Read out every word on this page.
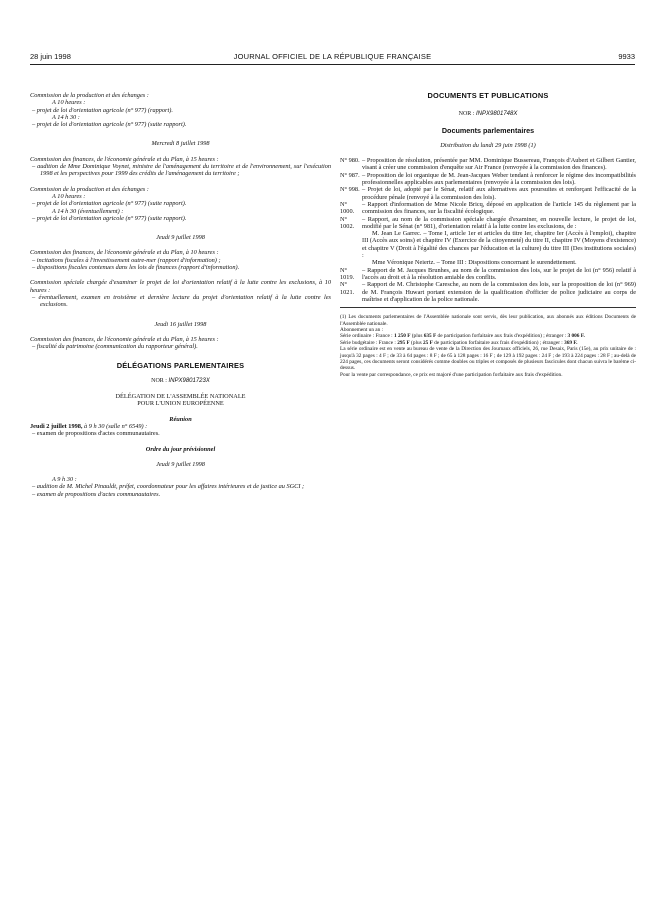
28 juin 1998	JOURNAL OFFICIEL DE LA RÉPUBLIQUE FRANÇAISE	9933

Commission de la production et des échanges :

A 10 heures :

– projet de loi d'orientation agricole (n° 977) (rapport).

A 14 h 30 :

– projet de loi d'orientation agricole (n° 977) (suite rapport).

Mercredi 8 juillet 1998

Commission des finances, de l'économie générale et du Plan, à 15 heures :

– audition de Mme Dominique Voynet, ministre de l'aménagement du territoire et de l'environnement, sur l'exécution 1998 et les perspectives pour 1999 des crédits de l'aménagement du territoire ;

Commission de la production et des échanges :

A 10 heures :

– projet de loi d'orientation agricole (n° 977) (suite rapport).

A 14 h 30 (éventuellement) :

– projet de loi d'orientation agricole (n° 977) (suite rapport).

Jeudi 9 juillet 1998

Commission des finances, de l'économie générale et du Plan, à 10 heures :

– incitations fiscales à l'investissement outre-mer (rapport d'information) ;

– dispositions fiscales contenues dans les lois de finances (rapport d'information).

Commission spéciale chargée d'examiner le projet de loi d'orientation relatif à la lutte contre les exclusions, à 10 heures :

– éventuellement, examen en troisième et dernière lecture du projet d'orientation relatif à la lutte contre les exclusions.

Jeudi 16 juillet 1998

Commission des finances, de l'économie générale et du Plan, à 15 heures :

– fiscalité du patrimoine (communication du rapporteur général).

DÉLÉGATIONS PARLEMENTAIRES

NOR : INPX9801723X

DÉLÉGATION DE L'ASSEMBLÉE NATIONALE

POUR L'UNION EUROPÉENNE

Réunion

Jeudi 2 juillet 1998, à 9 h 30 (salle n° 6549) :

– examen de propositions d'actes communautaires.

Ordre du jour prévisionnel

Jeudi 9 juillet 1998

A 9 h 30 :

– audition de M. Michel Pinauldt, préfet, coordonnateur pour les affaires intérieures et de justice au SGCI ;

– examen de propositions d'actes communautaires.

DOCUMENTS ET PUBLICATIONS

NOR : INPX9801748X

Documents parlementaires

Distribution du lundi 29 juin 1998 (1)

N° 980. – Proposition de résolution, présentée par MM. Dominique Bussereau, François d'Aubert et Gilbert Gantier, visant à créer une commission d'enquête sur Air France (renvoyée à la commission des finances).
N° 987. – Proposition de loi organique de M. Jean-Jacques Weber tendant à renforcer le régime des incompatibilités professionnelles applicables aux parlementaires (renvoyée à la commission des lois).
N° 998. – Projet de loi, adopté par le Sénat, relatif aux alternatives aux poursuites et renforçant l'efficacité de la procédure pénale (renvoyé à la commission des lois).
N° 1000.
– Rapport d'information de Mme Nicole Bricq, déposé en application de l'article 145 du règlement par la commission des finances, sur la fiscalité écologique.
N° 1002.
– Rapport, au nom de la commission spéciale chargée d'examiner, en nouvelle lecture, le projet de loi, modifié par le Sénat (n° 981), d'orientation relatif à la lutte contre les exclusions, de :

M. Jean Le Garrec. – Tome I, article 1er et articles du titre Ier, chapitre Ier (Accès à l'emploi), chapitre III (Accès aux soins) et chapitre IV (Exercice de la citoyenneté) du titre II, chapitre IV (Moyens d'existence) et chapitre V (Droit à l'égalité des chances par l'éducation et la culture) du titre III (Des institutions sociales) :

Mme Véronique Neiertz. – Tome III : Dispositions concernant le surendettement.

N° 1019.
– Rapport de M. Jacques Brunhes, au nom de la commission des lois, sur le projet de loi (n° 956) relatif à l'accès au droit et à la résolution amiable des conflits.
N° 1021.
– Rapport de M. Christophe Caresche, au nom de la commission des lois, sur la proposition de loi (n° 969) de M. François Huwart portant extension de la qualification d'officier de police judiciaire au corps de maîtrise et d'application de la police nationale.

(1) Les documents parlementaires de l'Assemblée nationale sont servis, dès leur publication, aux abonnés aux éditions Documents de l'Assemblée nationale.

Abonnement un an :

Série ordinaire : France : 1 250 F (plus 635 F de participation forfaitaire aux frais d'expédition) ; étranger : 3 006 F.

Série budgétaire : France : 295 F (plus 25 F de participation forfaitaire aux frais d'expédition) ; étranger : 369 F.

La série ordinaire est en vente au bureau de vente de la Direction des Journaux officiels, 26, rue Desaix, Paris (15e), au prix unitaire de : jusqu'à 32 pages : 4 F ; de 33 à 64 pages : 8 F ; de 65 à 128 pages : 16 F ; de 129 à 192 pages : 24 F ; de 193 à 224 pages : 28 F ; au-delà de 224 pages, ces documents seront considérés comme doubles ou triples et composés de plusieurs fascicules dont chacun suivra le barème ci-dessus.

Pour la vente par correspondance, ce prix est majoré d'une participation forfaitaire aux frais d'expédition.
